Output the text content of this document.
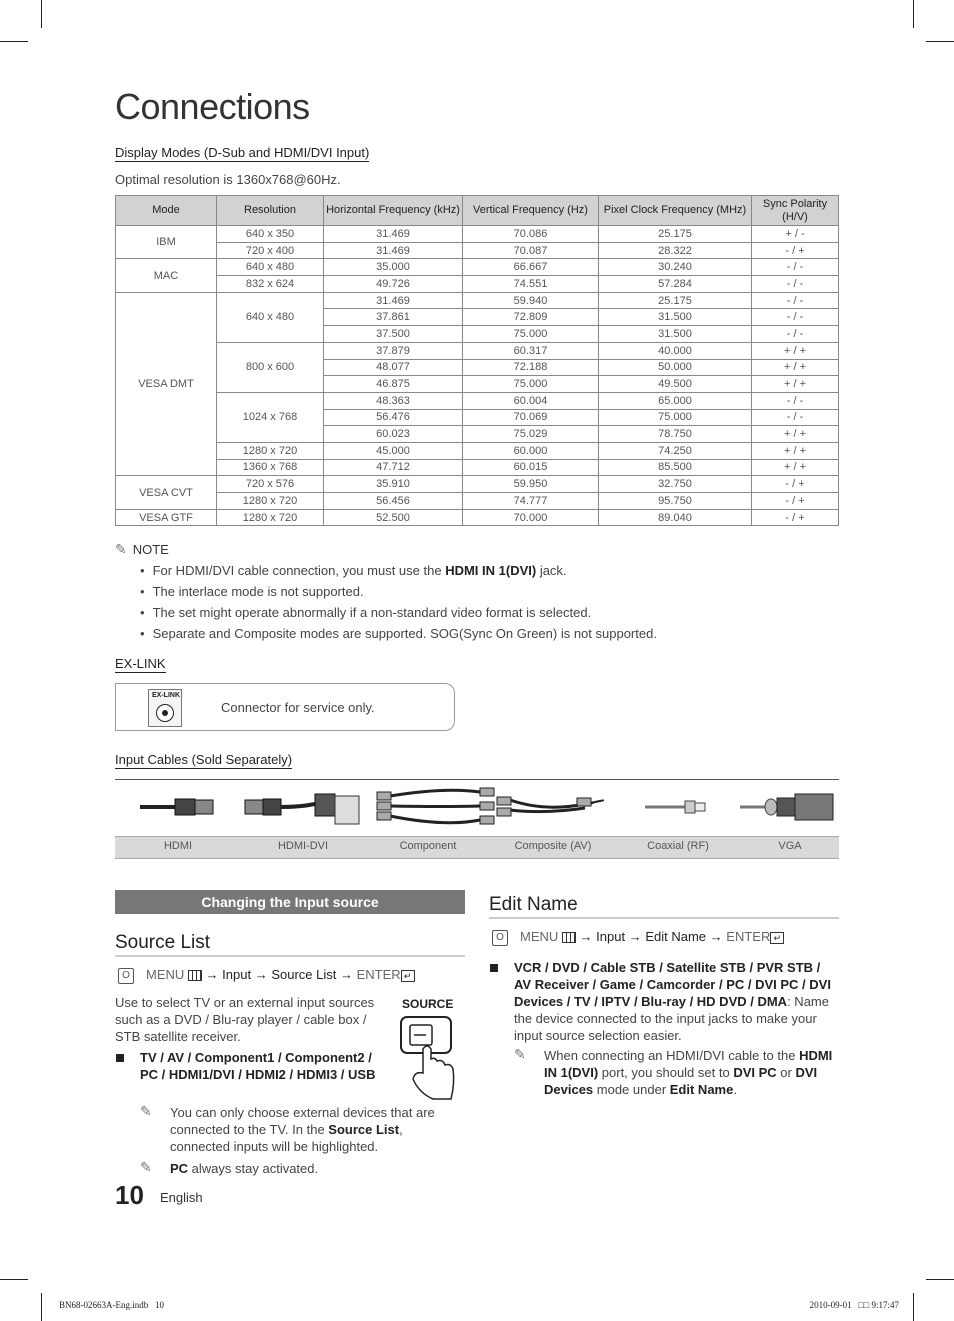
Connections
Display Modes (D-Sub and HDMI/DVI Input)
Optimal resolution is 1360x768@60Hz.
Mode	Resolution	Horizontal Frequency (kHz)	Vertical Frequency (Hz)	Pixel Clock Frequency (MHz)	Sync Polarity (H/V)
IBM	640 x 350	31.469	70.086	25.175	+ / -
	720 x 400	31.469	70.087	28.322	- / +
MAC	640 x 480	35.000	66.667	30.240	- / -
	832 x 624	49.726	74.551	57.284	- / -
VESA DMT	640 x 480	31.469	59.940	25.175	- / -
		37.861	72.809	31.500	- / -
		37.500	75.000	31.500	- / -
	800 x 600	37.879	60.317	40.000	+ / +
		48.077	72.188	50.000	+ / +
		46.875	75.000	49.500	+ / +
	1024 x 768	48.363	60.004	65.000	- / -
		56.476	70.069	75.000	- / -
		60.023	75.029	78.750	+ / +
	1280 x 720	45.000	60.000	74.250	+ / +
	1360 x 768	47.712	60.015	85.500	+ / +
VESA CVT	720 x 576	35.910	59.950	32.750	- / +
	1280 x 720	56.456	74.777	95.750	- / +
VESA GTF	1280 x 720	52.500	70.000	89.040	- / +
✎ NOTE
• For HDMI/DVI cable connection, you must use the HDMI IN 1(DVI) jack.
• The interlace mode is not supported.
• The set might operate abnormally if a non-standard video format is selected.
• Separate and Composite modes are supported. SOG(Sync On Green) is not supported.
EX-LINK
EX-LINK
Connector for service only.
Input Cables (Sold Separately)
HDMI	HDMI-DVI	Component	Composite (AV)	Coaxial (RF)	VGA
Changing the Input source
Source List
O MENU → Input → Source List → ENTER ↵
Use to select TV or an external input sources such as a DVD / Blu-ray player / cable box / STB satellite receiver.
SOURCE
TV / AV / Component1 / Component2 / PC / HDMI1/DVI / HDMI2 / HDMI3 / USB
✎ You can only choose external devices that are connected to the TV. In the Source List, connected inputs will be highlighted.
✎ PC always stay activated.
Edit Name
O MENU → Input → Edit Name → ENTER ↵
VCR / DVD / Cable STB / Satellite STB / PVR STB / AV Receiver / Game / Camcorder / PC / DVI PC / DVI Devices / TV / IPTV / Blu-ray / HD DVD / DMA: Name the device connected to the input jacks to make your input source selection easier.
✎ When connecting an HDMI/DVI cable to the HDMI IN 1(DVI) port, you should set to DVI PC or DVI Devices mode under Edit Name.
10 English
BN68-02663A-Eng.indb   10	2010-09-01   □□ 9:17:47
